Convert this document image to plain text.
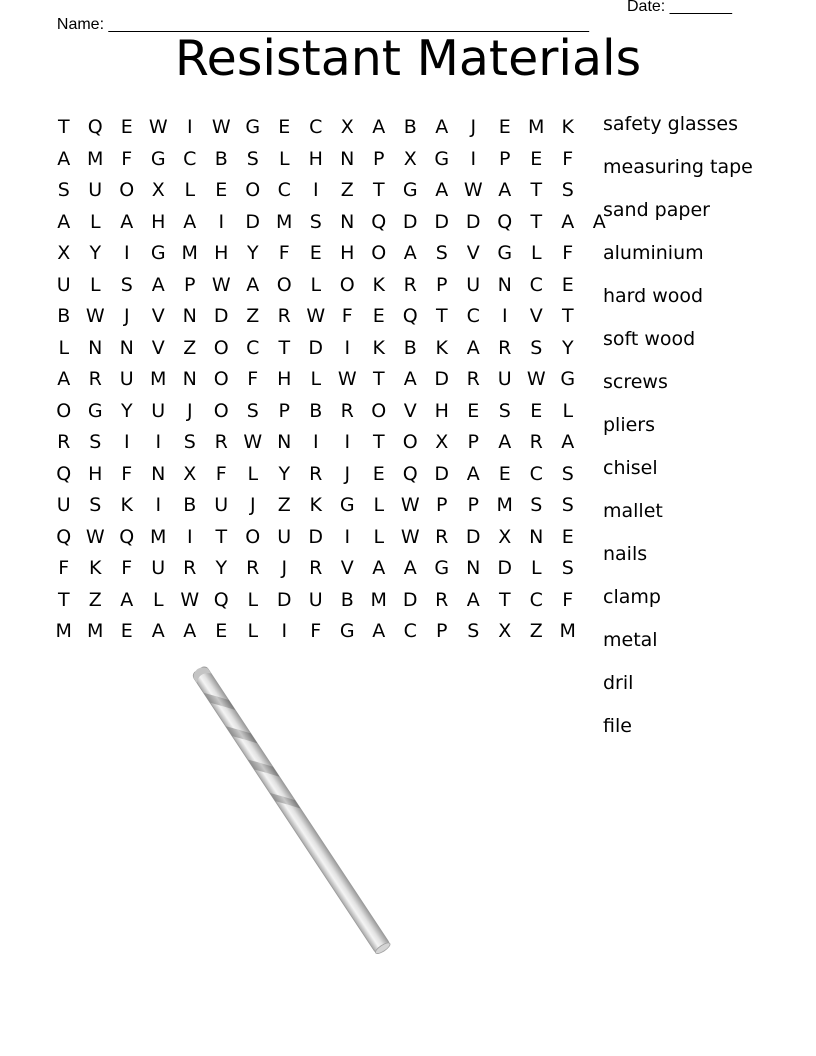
Name: ______________________________________________________

Date: _______

Resistant Materials
T Q E W	I	W G E C X A B A	J	E M K
A M F G C B S	L	H N P	X G	I	P	E	F
S U O X	L	E O C	I	Z	T G A W A	T	S
A	L	A H A	I	D M S N Q D D D Q T	A A
X	Y	I	G M H Y	F	E H O A S V G L	F
U	L	S A	P W A O L O K R	P U N C E
B W	J	V N D Z R W F	E Q T	C	I	V	T
L	N N V Z O C	T D	I	K B K A R S	Y
A R U M N O F H	L W T	A D R U W G
O G Y U	J	O S	P	B R O V H E	S	E	L
R S	I	I	S R W N	I	I	T O X	P	A R A
Q H F N X	F	L	Y	R	J	E Q D A E C S
U S	K	I	B U	J	Z K G L W P	P M S	S
Q W Q M	I	T O U D	I	L W R D X N E
F	K	F	U R	Y	R	J	R V A A G N D L	S
T	Z A	L W Q L D U B M D R A	T	C	F
M M E	A A E	L	I	F G A C	P	S X Z M
safety glasses
measuring tape
sand paper
aluminium
hard wood
soft wood
screws
pliers
chisel
mallet
nails
clamp
metal
dril
file
